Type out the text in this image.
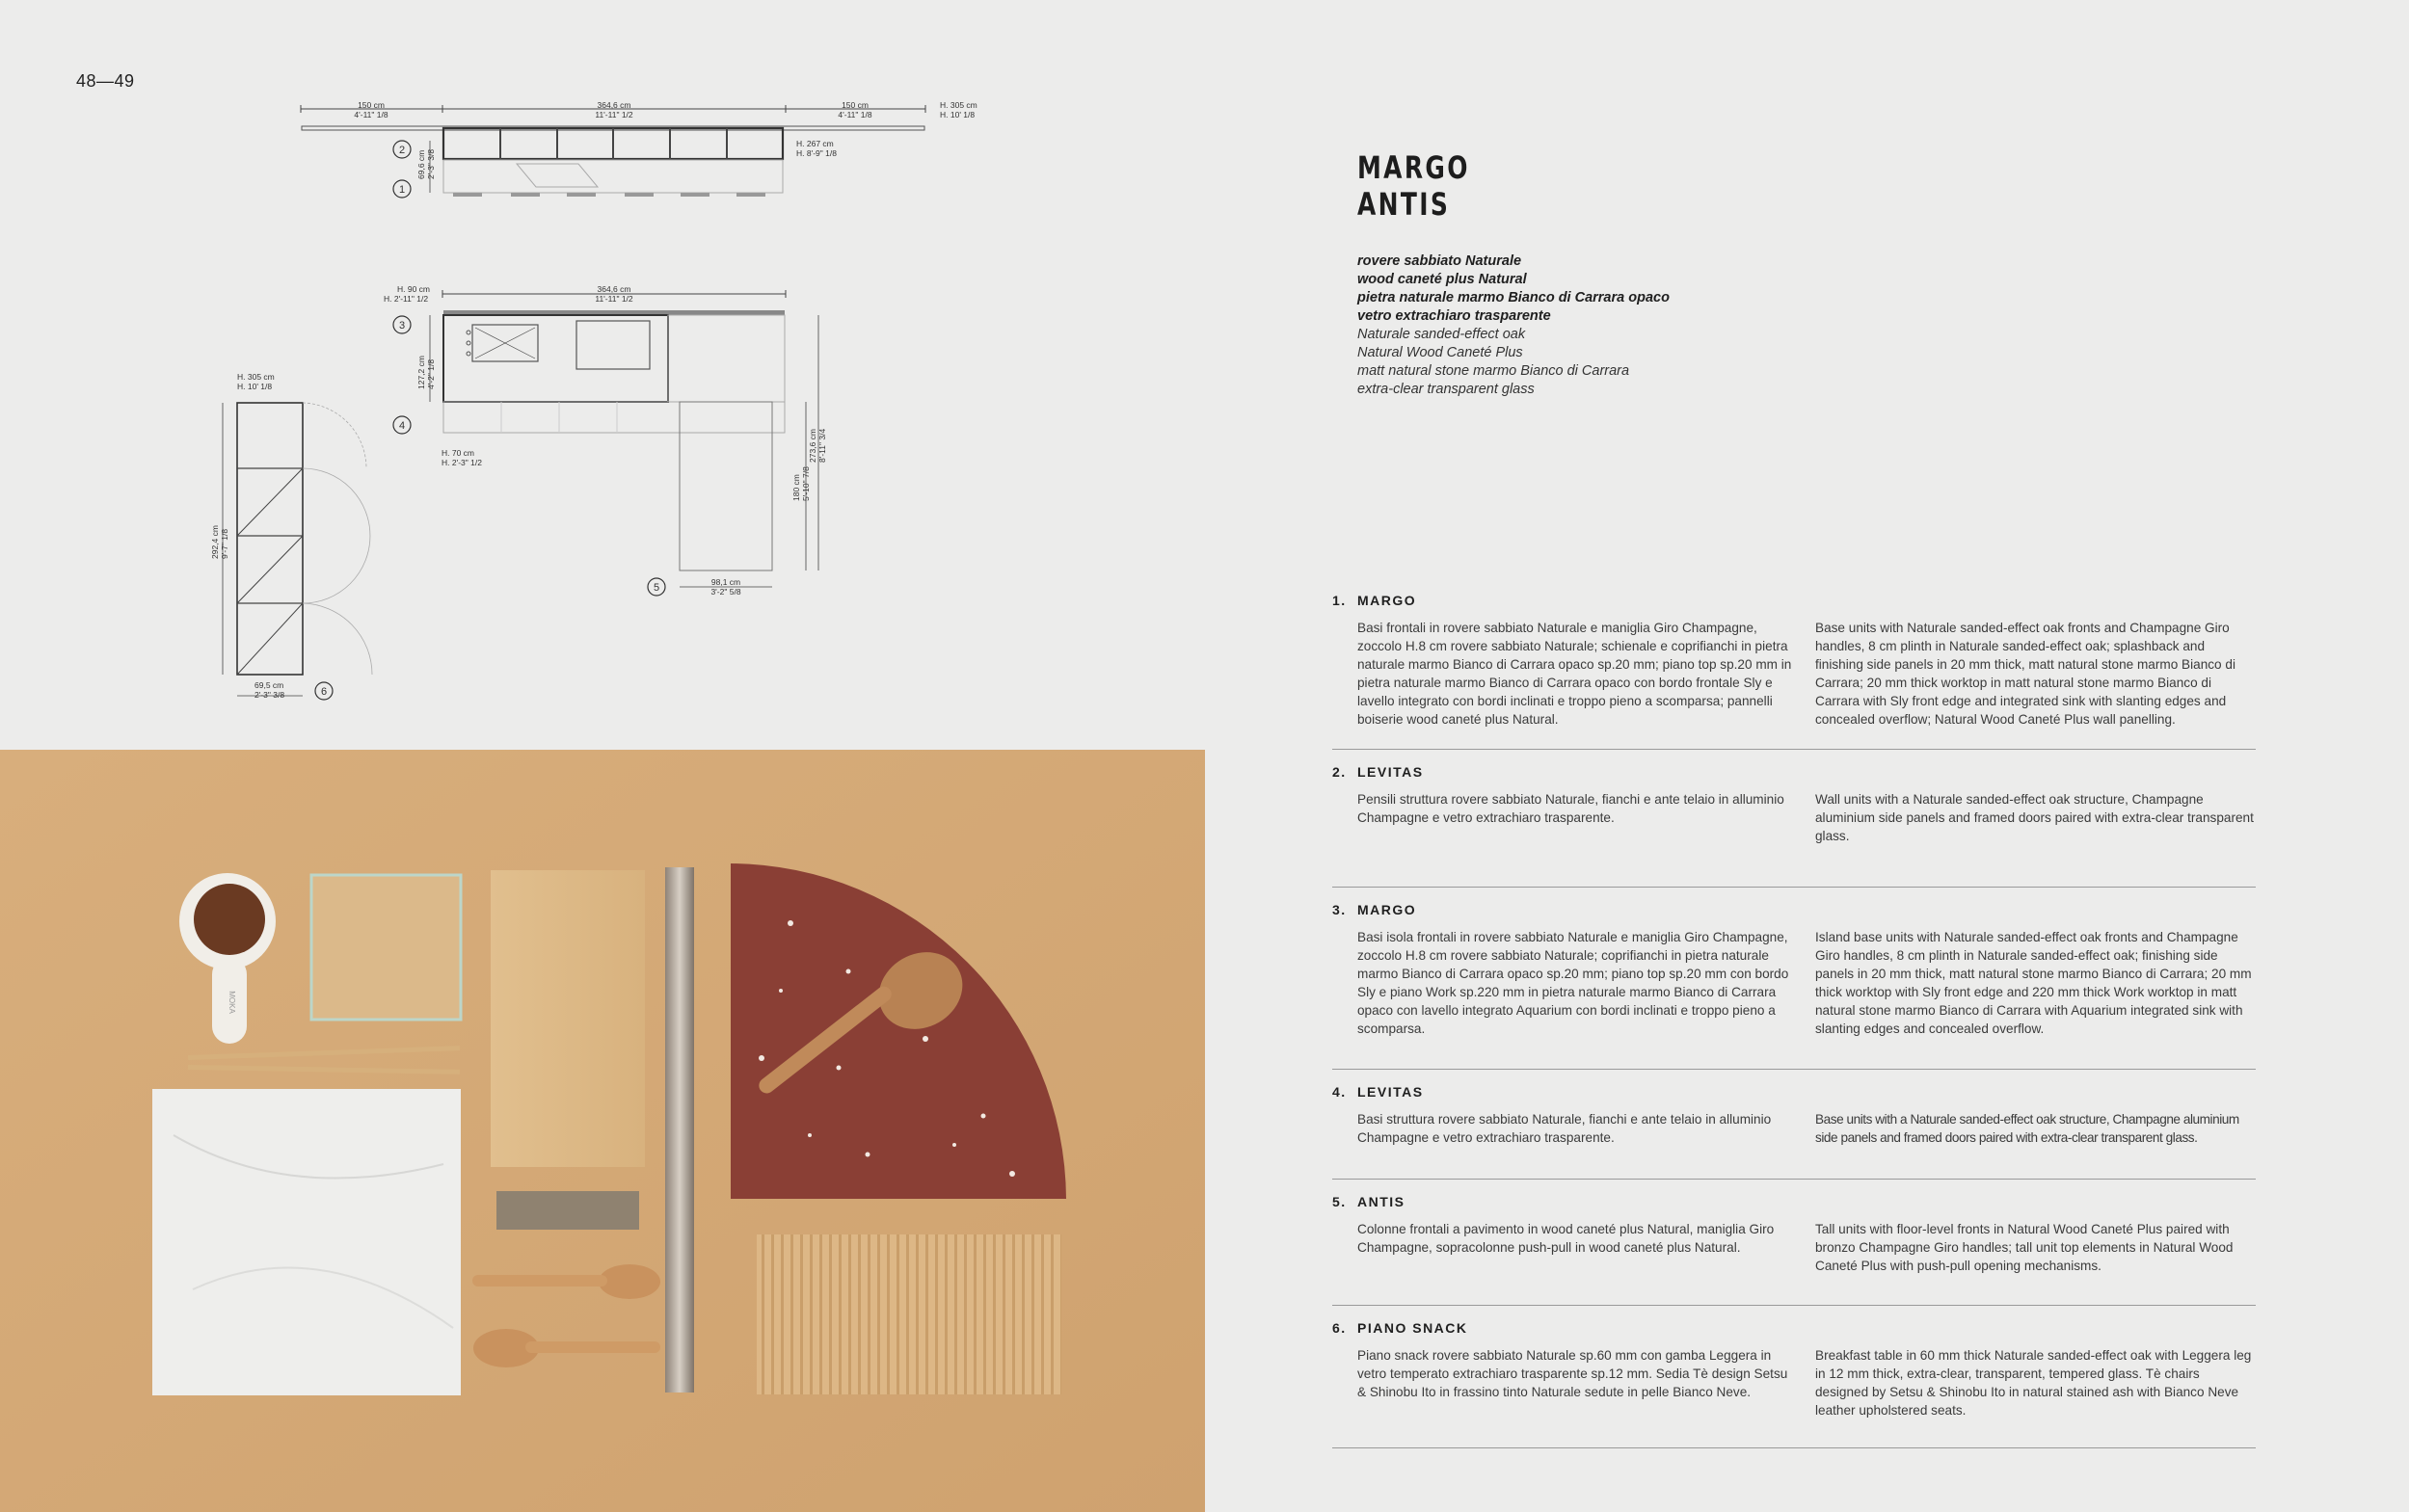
48—49
150 cm
4'-11" 1/8
364,6 cm
11'-11" 1/2
150 cm
4'-11" 1/8
H. 305 cm
H. 10' 1/8
69,6 cm 2'-3" 3/8
H. 267 cm
H. 8'-9" 1/8
2
1
364,6 cm
11'-11" 1/2
H. 90 cm
H. 2'-11" 1/2
127,2 cm 4'-2" 1/8
H. 70 cm
H. 2'-3" 1/2
180 cm 5'-10" 7/8
273,6 cm 8'-11" 3/4
98,1 cm
3'-2" 5/8
3
4
5
H. 305 cm
H. 10' 1/8
292,4 cm 9'-7" 1/8
69,5 cm
2'-3" 3/8	6
MOKA
MARGO
ANTIS
rovere sabbiato Naturale
wood caneté plus Natural
pietra naturale marmo Bianco di Carrara opaco
vetro extrachiaro trasparente
Naturale sanded-effect oak
Natural Wood Caneté Plus
matt natural stone marmo Bianco di Carrara
extra-clear transparent glass
1. MARGO
Basi frontali in rovere sabbiato Naturale e maniglia Giro Champagne, zoccolo H.8 cm rovere sabbiato Naturale; schienale e coprifianchi in pietra naturale marmo Bianco di Carrara opaco sp.20 mm; piano top sp.20 mm in pietra naturale marmo Bianco di Carrara opaco con bordo frontale Sly e lavello integrato con bordi inclinati e troppo pieno a scomparsa; pannelli boiserie wood caneté plus Natural.
Base units with Naturale sanded-effect oak fronts and Champagne Giro handles, 8 cm plinth in Naturale sanded-effect oak; splashback and finishing side panels in 20 mm thick, matt natural stone marmo Bianco di Carrara; 20 mm thick worktop in matt natural stone marmo Bianco di Carrara with Sly front edge and integrated sink with slanting edges and concealed overflow; Natural Wood Caneté Plus wall panelling.
2. LEVITAS
Pensili struttura rovere sabbiato Naturale, fianchi e ante telaio in alluminio Champagne e vetro extrachiaro trasparente.
Wall units with a Naturale sanded-effect oak structure, Champagne aluminium side panels and framed doors paired with extra-clear transparent glass.
3. MARGO
Basi isola frontali in rovere sabbiato Naturale e maniglia Giro Champagne, zoccolo H.8 cm rovere sabbiato Naturale; coprifianchi in pietra naturale marmo Bianco di Carrara opaco sp.20 mm; piano top sp.20 mm con bordo Sly e piano Work sp.220 mm in pietra naturale marmo Bianco di Carrara opaco con lavello integrato Aquarium con bordi inclinati e troppo pieno a scomparsa.
Island base units with Naturale sanded-effect oak fronts and Champagne Giro handles, 8 cm plinth in Naturale sanded-effect oak; finishing side panels in 20 mm thick, matt natural stone marmo Bianco di Carrara; 20 mm thick worktop with Sly front edge and 220 mm thick Work worktop in matt natural stone marmo Bianco di Carrara with Aquarium integrated sink with slanting edges and concealed overflow.
4. LEVITAS
Basi struttura rovere sabbiato Naturale, fianchi e ante telaio in alluminio Champagne e vetro extrachiaro trasparente.
Base units with a Naturale sanded-effect oak structure, Champagne aluminium side panels and framed doors paired with extra-clear transparent glass.
5. ANTIS
Colonne frontali a pavimento in wood caneté plus Natural, maniglia Giro Champagne, sopracolonne push-pull in wood caneté plus Natural.
Tall units with floor-level fronts in Natural Wood Caneté Plus paired with bronzo Champagne Giro handles; tall unit top elements in Natural Wood Caneté Plus with push-pull opening mechanisms.
6. PIANO SNACK
Piano snack rovere sabbiato Naturale sp.60 mm con gamba Leggera in vetro temperato extrachiaro trasparente sp.12 mm. Sedia Tè design Setsu & Shinobu Ito in frassino tinto Naturale sedute in pelle Bianco Neve.
Breakfast table in 60 mm thick Naturale sanded-effect oak with Leggera leg in 12 mm thick, extra-clear, transparent, tempered glass. Tè chairs designed by Setsu & Shinobu Ito in natural stained ash with Bianco Neve leather upholstered seats.
